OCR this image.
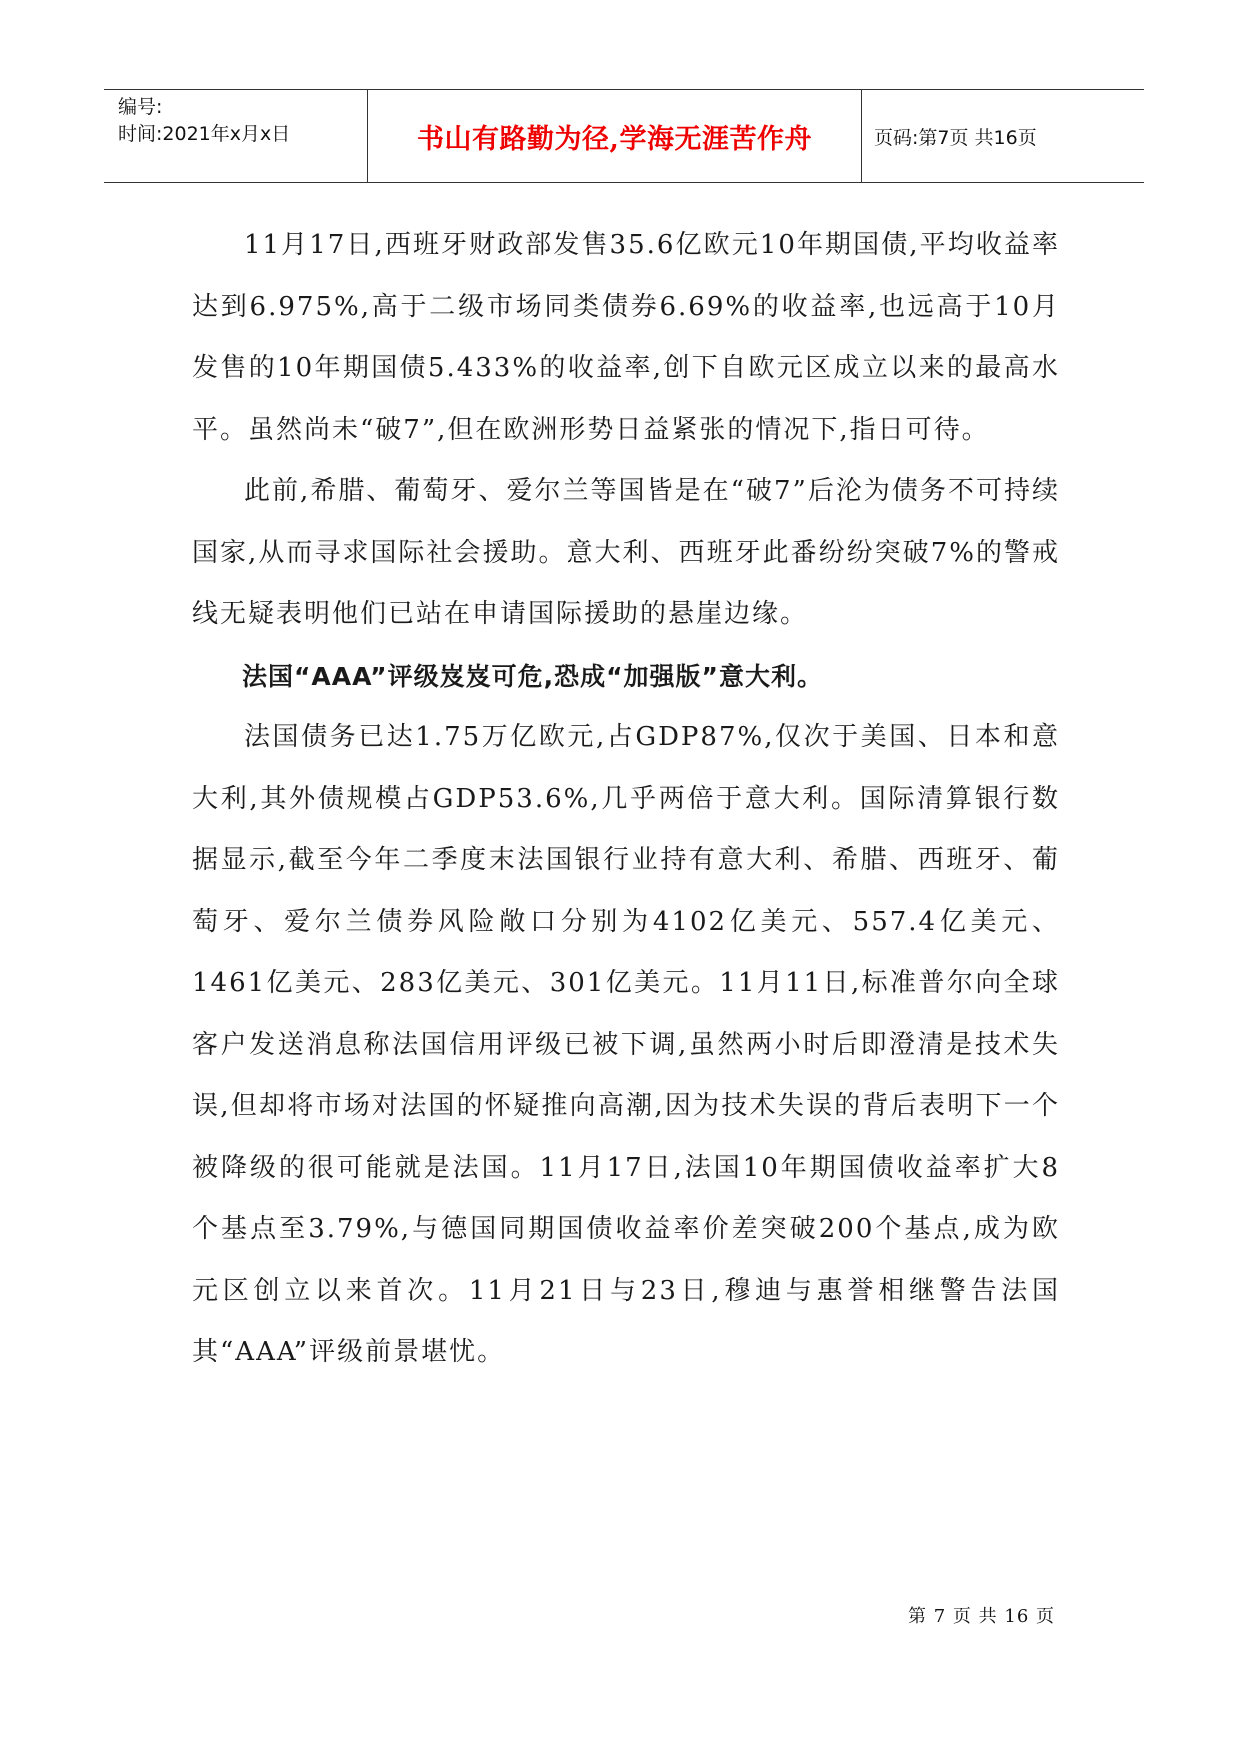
编号:
时间:2021年x月x日	书山有路勤为径,学海无涯苦作舟	页码:第7页 共16页

11月17日,西班牙财政部发售35.6亿欧元10年期国债,平均收益率达到6.975%,高于二级市场同类债券6.69%的收益率,也远高于10月发售的10年期国债5.433%的收益率,创下自欧元区成立以来的最高水平。虽然尚未“破7”,但在欧洲形势日益紧张的情况下,指日可待。

此前,希腊、葡萄牙、爱尔兰等国皆是在“破7”后沦为债务不可持续国家,从而寻求国际社会援助。意大利、西班牙此番纷纷突破7%的警戒线无疑表明他们已站在申请国际援助的悬崖边缘。

法国“AAA”评级岌岌可危,恐成“加强版”意大利。

法国债务已达1.75万亿欧元,占GDP87%,仅次于美国、日本和意大利,其外债规模占GDP53.6%,几乎两倍于意大利。国际清算银行数据显示,截至今年二季度末法国银行业持有意大利、希腊、西班牙、葡萄牙、爱尔兰债券风险敞口分别为4102亿美元、557.4亿美元、1461亿美元、283亿美元、301亿美元。11月11日,标准普尔向全球客户发送消息称法国信用评级已被下调,虽然两小时后即澄清是技术失误,但却将市场对法国的怀疑推向高潮,因为技术失误的背后表明下一个被降级的很可能就是法国。11月17日,法国10年期国债收益率扩大8个基点至3.79%,与德国同期国债收益率价差突破200个基点,成为欧元区创立以来首次。11月21日与23日,穆迪与惠誉相继警告法国其“AAA”评级前景堪忧。

第 7 页 共 16 页
